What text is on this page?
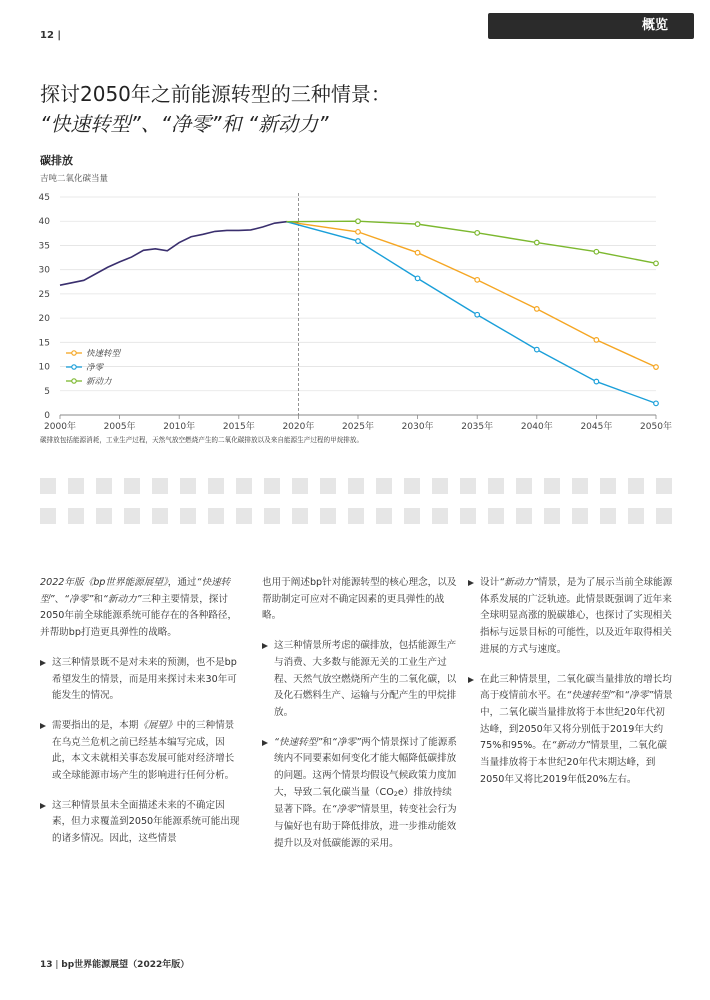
12 |
概览
探讨2050年之前能源转型的三种情景：
“快速转型”、“净零”和 “新动力”
碳排放
吉吨二氧化碳当量
0
5
10
15
20
25
30
35
40
45
2000年	2005年	2010年	2015年	2020年	2025年	2030年	2035年	2040年	2045年	2050年
快速转型
净零
新动力
碳排放包括能源消耗，工业生产过程，天然气放空燃烧产生的二氧化碳排放以及来自能源生产过程的甲烷排放。

2022年版《bp世界能源展望》，通过“快速转型”、“净零”和“新动力”三种主要情景，探讨2050年前全球能源系统可能存在的各种路径，并帮助bp打造更具弹性的战略。

这三种情景既不是对未来的预测，也不是bp希望发生的情景，而是用来探讨未来30年可能发生的情况。

需要指出的是，本期《展望》中的三种情景在乌克兰危机之前已经基本编写完成，因此，本文未就相关事态发展可能对经济增长或全球能源市场产生的影响进行任何分析。

这三种情景虽未全面描述未来的不确定因素，但力求覆盖到2050年能源系统可能出现的诸多情况。因此，这些情景

也用于阐述bp针对能源转型的核心理念，以及帮助制定可应对不确定因素的更具弹性的战略。

这三种情景所考虑的碳排放，包括能源生产与消费、大多数与能源无关的工业生产过程、天然气放空燃烧所产生的二氧化碳，以及化石燃料生产、运输与分配产生的甲烷排放。

“快速转型”和“净零”两个情景探讨了能源系统内不同要素如何变化才能大幅降低碳排放的问题。这两个情景均假设气候政策力度加大，导致二氧化碳当量（CO2e）排放持续显著下降。在“净零”情景里，转变社会行为与偏好也有助于降低排放，进一步推动能效提升以及对低碳能源的采用。

设计“新动力”情景，是为了展示当前全球能源体系发展的广泛轨迹。此情景既强调了近年来全球明显高涨的脱碳雄心，也探讨了实现相关指标与远景目标的可能性，以及近年取得相关进展的方式与速度。

在此三种情景里，二氧化碳当量排放的增长均高于疫情前水平。在“快速转型”和“净零”情景中，二氧化碳当量排放将于本世纪20年代初达峰，到2050年又将分别低于2019年大约75%和95%。在“新动力”情景里，二氧化碳当量排放将于本世纪20年代末期达峰，到2050年又将比2019年低20%左右。

13 | bp世界能源展望（2022年版）
